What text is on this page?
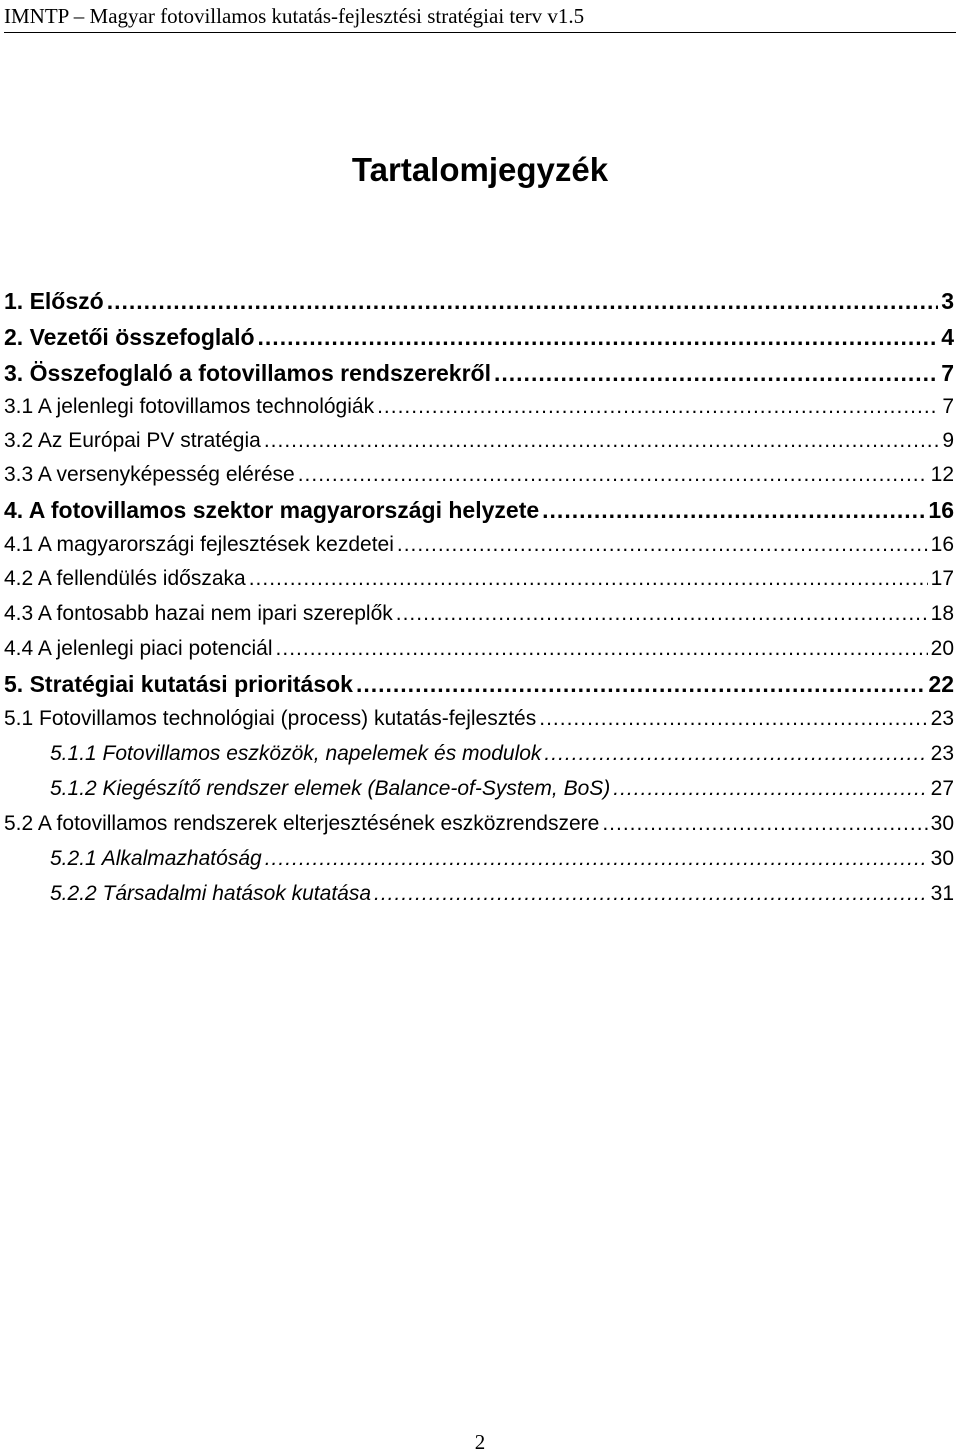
IMNTP – Magyar fotovillamos kutatás-fejlesztési stratégiai terv v1.5
Tartalomjegyzék
1. Előszó .....	3
2. Vezetői összefoglaló .....	4
3. Összefoglaló a fotovillamos rendszerekről .....	7
3.1 A jelenlegi fotovillamos technológiák .....	7
3.2 Az Európai PV stratégia .....	9
3.3 A versenyképesség elérése .....	12
4. A fotovillamos szektor magyarországi helyzete .....	16
4.1 A magyarországi fejlesztések kezdetei .....	16
4.2 A fellendülés időszaka .....	17
4.3 A fontosabb hazai nem ipari szereplők .....	18
4.4 A jelenlegi piaci potenciál .....	20
5. Stratégiai kutatási prioritások .....	22
5.1 Fotovillamos technológiai (process) kutatás-fejlesztés .....	23
5.1.1 Fotovillamos eszközök, napelemek és modulok .....	23
5.1.2 Kiegészítő rendszer elemek (Balance-of-System, BoS) .....	27
5.2 A fotovillamos rendszerek elterjesztésének eszközrendszere .....	30
5.2.1 Alkalmazhatóság .....	30
5.2.2 Társadalmi hatások kutatása .....	31
2
